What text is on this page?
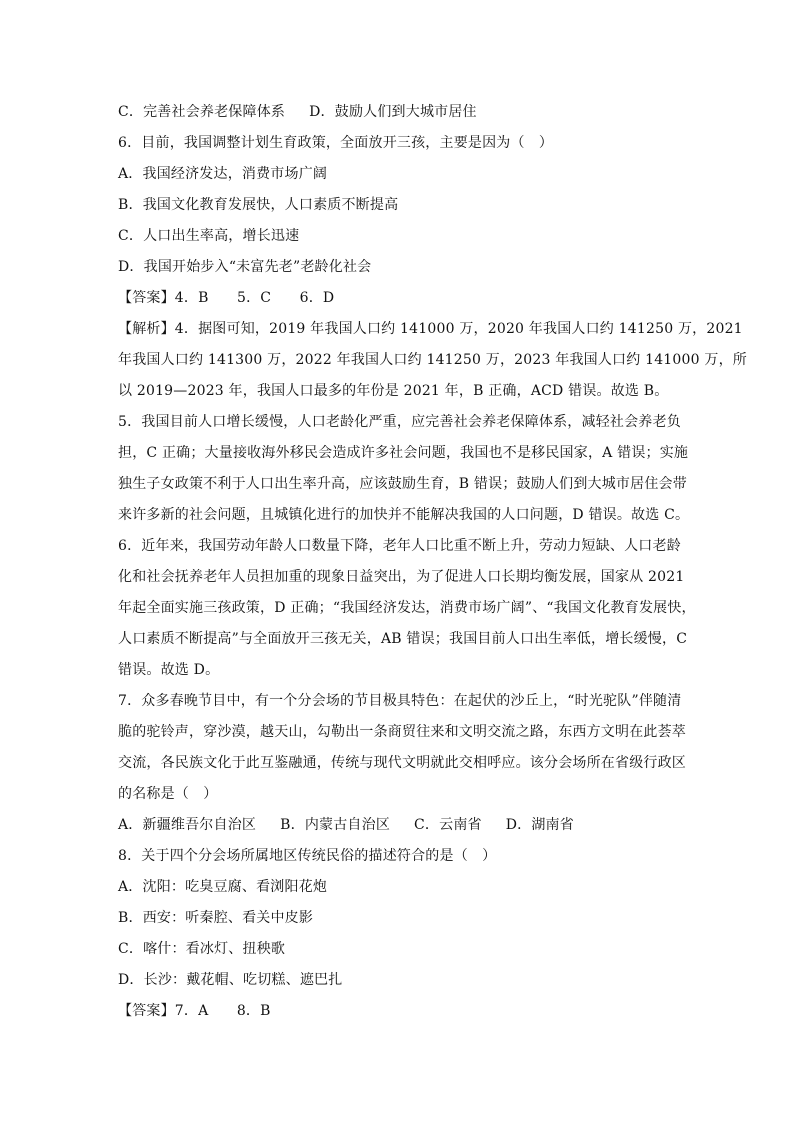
C．完善社会养老保障体系 D．鼓励人们到大城市居住
6．目前，我国调整计划生育政策，全面放开三孩，主要是因为（　）
A．我国经济发达，消费市场广阔
B．我国文化教育发展快，人口素质不断提高
C．人口出生率高，增长迅速
D．我国开始步入“未富先老”老龄化社会
【答案】4．B　　5．C　　6．D
【解析】4．据图可知，2019 年我国人口约 141000 万，2020 年我国人口约 141250 万，2021
年我国人口约 141300 万，2022 年我国人口约 141250 万，2023 年我国人口约 141000 万，所
以 2019—2023 年，我国人口最多的年份是 2021 年，B 正确，ACD 错误。故选 B。
5．我国目前人口增长缓慢，人口老龄化严重，应完善社会养老保障体系，减轻社会养老负
担，C 正确；大量接收海外移民会造成许多社会问题，我国也不是移民国家，A 错误；实施
独生子女政策不利于人口出生率升高，应该鼓励生育，B 错误；鼓励人们到大城市居住会带
来许多新的社会问题，且城镇化进行的加快并不能解决我国的人口问题，D 错误。故选 C。
6．近年来，我国劳动年龄人口数量下降，老年人口比重不断上升，劳动力短缺、人口老龄
化和社会抚养老年人员担加重的现象日益突出，为了促进人口长期均衡发展，国家从 2021
年起全面实施三孩政策，D 正确；“我国经济发达，消费市场广阔”、“我国文化教育发展快，
人口素质不断提高”与全面放开三孩无关，AB 错误；我国目前人口出生率低，增长缓慢，C
错误。故选 D。
7．众多春晚节目中，有一个分会场的节目极具特色：在起伏的沙丘上，“时光驼队”伴随清
脆的驼铃声，穿沙漠，越天山，勾勒出一条商贸往来和文明交流之路，东西方文明在此荟萃
交流，各民族文化于此互鉴融通，传统与现代文明就此交相呼应。该分会场所在省级行政区
的名称是（　）
A．新疆维吾尔自治区 B．内蒙古自治区 C．云南省 D．湖南省
8．关于四个分会场所属地区传统民俗的描述符合的是（　）
A．沈阳：吃臭豆腐、看浏阳花炮
B．西安：听秦腔、看关中皮影
C．喀什：看冰灯、扭秧歌
D．长沙：戴花帽、吃切糕、遮巴扎
【答案】7．A　　8．B
